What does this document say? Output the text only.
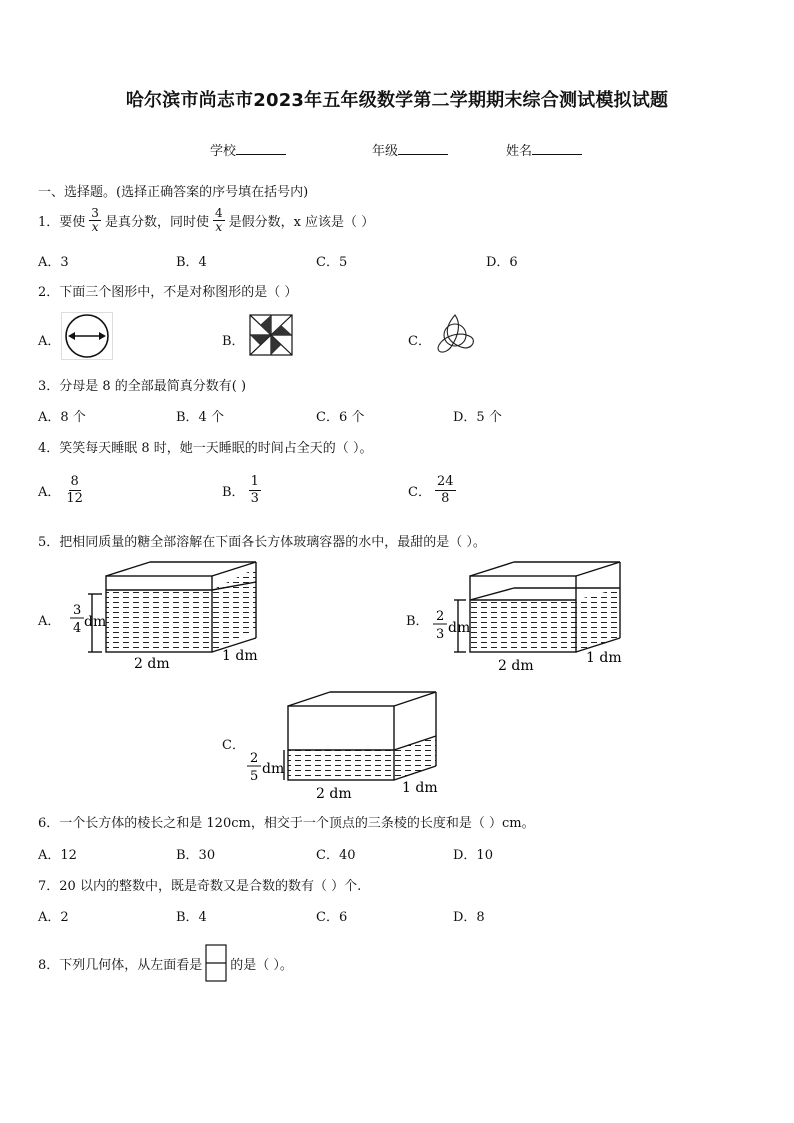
哈尔滨市尚志市2023年五年级数学第二学期期末综合测试模拟试题
学校	年级	姓名
一、选择题。(选择正确答案的序号填在括号内)
1． 要使 $\frac{3}{x}$ 是真分数，同时使 $\frac{4}{x}$ 是假分数，x 应该是（ ）
A．3	B．4	C．5	D．6
2．下面三个图形中，不是对称图形的是（ ）
A．	B．	C．
3．分母是 8 的全部最简真分数有( )
A．8 个	B．4 个	C．6 个	D．5 个
4．笑笑每天睡眠 8 时，她一天睡眠的时间占全天的（ ）。
A． $\frac{8}{12}$	B． $\frac{1}{3}$	C． $\frac{24}{8}$
5．把相同质量的糖全部溶解在下面各长方体玻璃容器的水中，最甜的是（ ）。
A．
3
4 dm
2 dm	1 dm
B． 2
3 dm
2 dm	1 dm
C．
2
5 dm
2 dm	1 dm
6．一个长方体的棱长之和是 120cm，相交于一个顶点的三条棱的长度和是（ ）cm。
A．12	B．30	C．40	D．10
7．20 以内的整数中，既是奇数又是合数的数有（ ）个.
A．2	B．4	C．6	D．8
8．下列几何体，从左面看是 的是（ ）。
